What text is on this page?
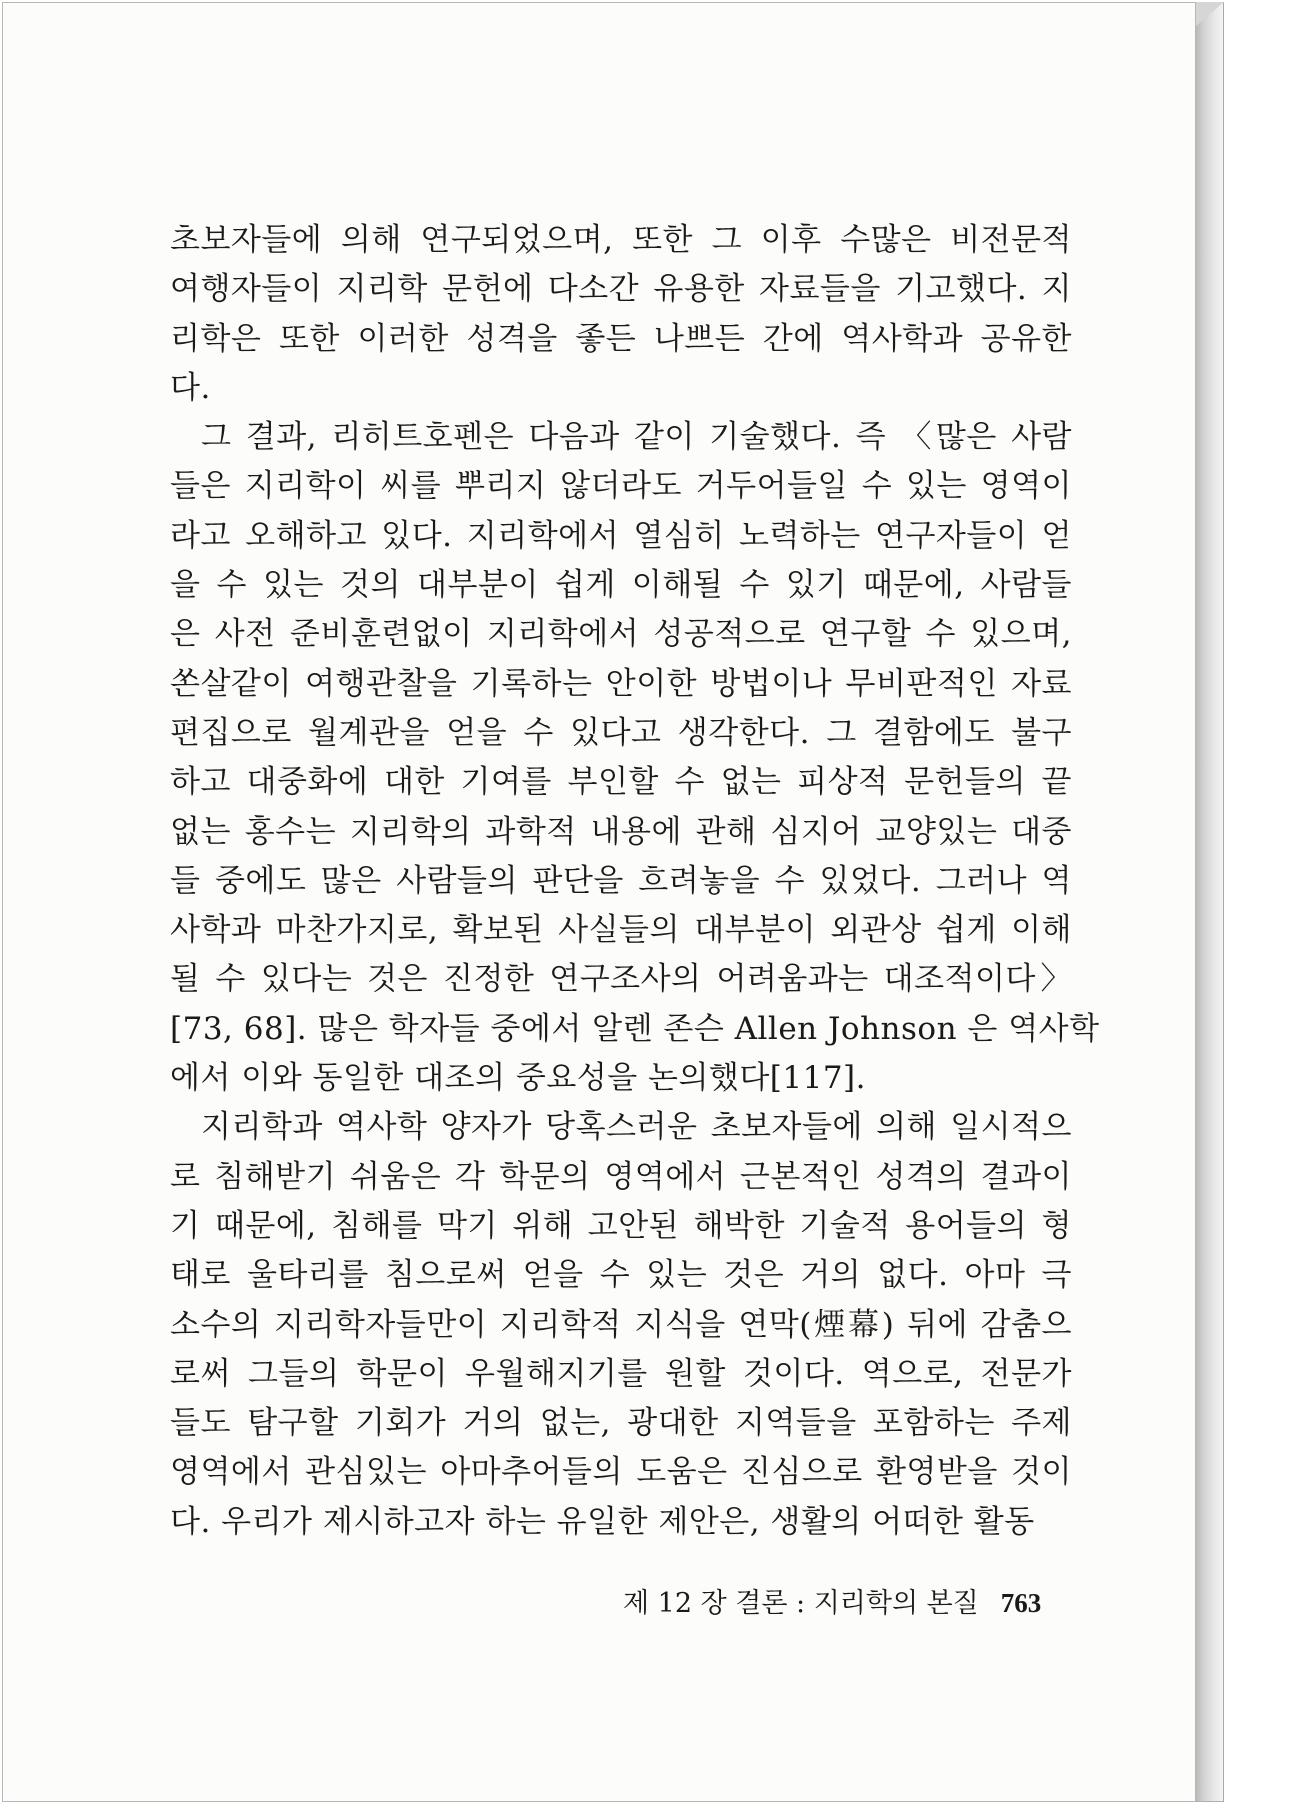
초보자들에 의해 연구되었으며, 또한 그 이후 수많은 비전문적
여행자들이 지리학 문헌에 다소간 유용한 자료들을 기고했다. 지
리학은 또한 이러한 성격을 좋든 나쁘든 간에 역사학과 공유한
다.
그 결과, 리히트호펜은 다음과 같이 기술했다. 즉 〈많은 사람
들은 지리학이 씨를 뿌리지 않더라도 거두어들일 수 있는 영역이
라고 오해하고 있다. 지리학에서 열심히 노력하는 연구자들이 얻
을 수 있는 것의 대부분이 쉽게 이해될 수 있기 때문에, 사람들
은 사전 준비훈련없이 지리학에서 성공적으로 연구할 수 있으며,
쏜살같이 여행관찰을 기록하는 안이한 방법이나 무비판적인 자료
편집으로 월계관을 얻을 수 있다고 생각한다. 그 결함에도 불구
하고 대중화에 대한 기여를 부인할 수 없는 피상적 문헌들의 끝
없는 홍수는 지리학의 과학적 내용에 관해 심지어 교양있는 대중
들 중에도 많은 사람들의 판단을 흐려놓을 수 있었다. 그러나 역
사학과 마찬가지로, 확보된 사실들의 대부분이 외관상 쉽게 이해
될 수 있다는 것은 진정한 연구조사의 어려움과는 대조적이다〉
[73, 68]. 많은 학자들 중에서 알렌 존슨 Allen Johnson 은 역사학
에서 이와 동일한 대조의 중요성을 논의했다[117].
지리학과 역사학 양자가 당혹스러운 초보자들에 의해 일시적으
로 침해받기 쉬움은 각 학문의 영역에서 근본적인 성격의 결과이
기 때문에, 침해를 막기 위해 고안된 해박한 기술적 용어들의 형
태로 울타리를 침으로써 얻을 수 있는 것은 거의 없다. 아마 극
소수의 지리학자들만이 지리학적 지식을 연막(煙幕) 뒤에 감춤으
로써 그들의 학문이 우월해지기를 원할 것이다. 역으로, 전문가
들도 탐구할 기회가 거의 없는, 광대한 지역들을 포함하는 주제
영역에서 관심있는 아마추어들의 도움은 진심으로 환영받을 것이
다. 우리가 제시하고자 하는 유일한 제안은, 생활의 어떠한 활동
제 12 장 결론 : 지리학의 본질 763
